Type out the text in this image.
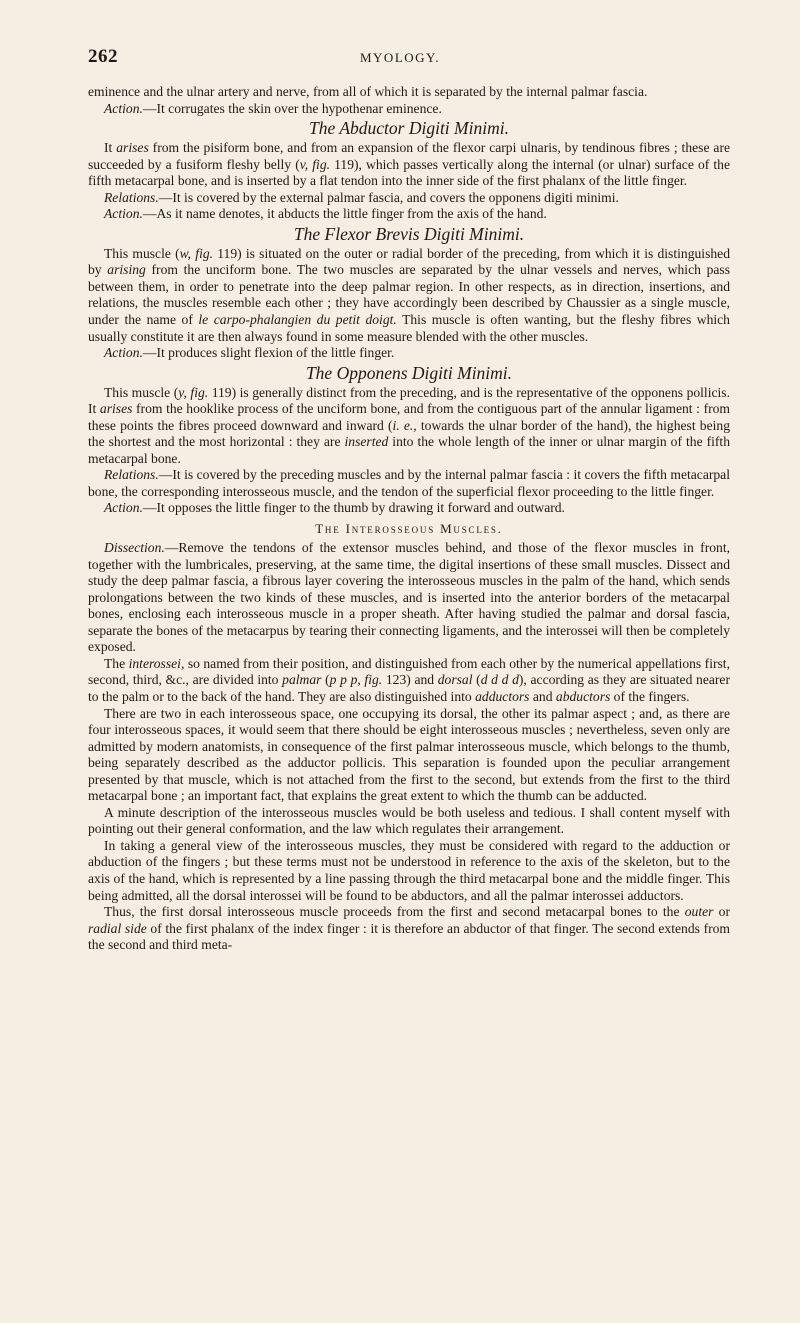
262	MYOLOGY.

eminence and the ulnar artery and nerve, from all of which it is separated by the internal palmar fascia.

Action.—It corrugates the skin over the hypothenar eminence.

The Abductor Digiti Minimi.

It arises from the pisiform bone, and from an expansion of the flexor carpi ulnaris, by tendinous fibres ; these are succeeded by a fusiform fleshy belly (v, fig. 119), which passes vertically along the internal (or ulnar) surface of the fifth metacarpal bone, and is inserted by a flat tendon into the inner side of the first phalanx of the little finger.

Relations.—It is covered by the external palmar fascia, and covers the opponens digiti minimi.

Action.—As it name denotes, it abducts the little finger from the axis of the hand.

The Flexor Brevis Digiti Minimi.

This muscle (w, fig. 119) is situated on the outer or radial border of the preceding, from which it is distinguished by arising from the unciform bone. The two muscles are separated by the ulnar vessels and nerves, which pass between them, in order to penetrate into the deep palmar region. In other respects, as in direction, insertions, and relations, the muscles resemble each other ; they have accordingly been described by Chaussier as a single muscle, under the name of le carpo-phalangien du petit doigt. This muscle is often wanting, but the fleshy fibres which usually constitute it are then always found in some measure blended with the other muscles.

Action.—It produces slight flexion of the little finger.

The Opponens Digiti Minimi.

This muscle (y, fig. 119) is generally distinct from the preceding, and is the representative of the opponens pollicis. It arises from the hooklike process of the unciform bone, and from the contiguous part of the annular ligament : from these points the fibres proceed downward and inward (i. e., towards the ulnar border of the hand), the highest being the shortest and the most horizontal : they are inserted into the whole length of the inner or ulnar margin of the fifth metacarpal bone.

Relations.—It is covered by the preceding muscles and by the internal palmar fascia : it covers the fifth metacarpal bone, the corresponding interosseous muscle, and the tendon of the superficial flexor proceeding to the little finger.

Action.—It opposes the little finger to the thumb by drawing it forward and outward.

The Interosseous Muscles.

Dissection.—Remove the tendons of the extensor muscles behind, and those of the flexor muscles in front, together with the lumbricales, preserving, at the same time, the digital insertions of these small muscles. Dissect and study the deep palmar fascia, a fibrous layer covering the interosseous muscles in the palm of the hand, which sends prolongations between the two kinds of these muscles, and is inserted into the anterior borders of the metacarpal bones, enclosing each interosseous muscle in a proper sheath. After having studied the palmar and dorsal fascia, separate the bones of the metacarpus by tearing their connecting ligaments, and the interossei will then be completely exposed.

The interossei, so named from their position, and distinguished from each other by the numerical appellations first, second, third, &c., are divided into palmar (p p p, fig. 123) and dorsal (d d d d), according as they are situated nearer to the palm or to the back of the hand. They are also distinguished into adductors and abductors of the fingers.

There are two in each interosseous space, one occupying its dorsal, the other its palmar aspect ; and, as there are four interosseous spaces, it would seem that there should be eight interosseous muscles ; nevertheless, seven only are admitted by modern anatomists, in consequence of the first palmar interosseous muscle, which belongs to the thumb, being separately described as the adductor pollicis. This separation is founded upon the peculiar arrangement presented by that muscle, which is not attached from the first to the second, but extends from the first to the third metacarpal bone ; an important fact, that explains the great extent to which the thumb can be adducted.

A minute description of the interosseous muscles would be both useless and tedious. I shall content myself with pointing out their general conformation, and the law which regulates their arrangement.

In taking a general view of the interosseous muscles, they must be considered with regard to the adduction or abduction of the fingers ; but these terms must not be understood in reference to the axis of the skeleton, but to the axis of the hand, which is represented by a line passing through the third metacarpal bone and the middle finger. This being admitted, all the dorsal interossei will be found to be abductors, and all the palmar interossei adductors.

Thus, the first dorsal interosseous muscle proceeds from the first and second metacarpal bones to the outer or radial side of the first phalanx of the index finger : it is therefore an abductor of that finger. The second extends from the second and third meta-
